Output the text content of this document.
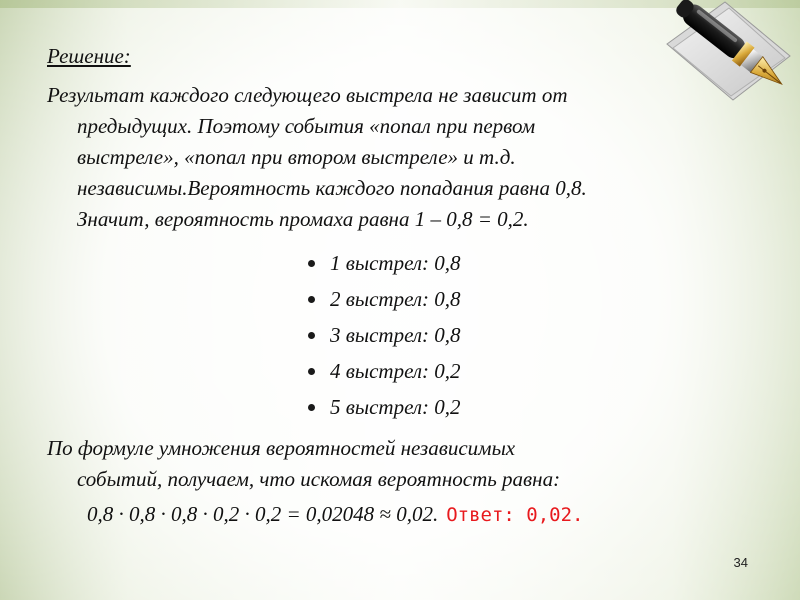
Решение:
Результат каждого следующего выстрела не зависит от
предыдущих. Поэтому события «попал при первом
выстреле», «попал при втором выстреле» и т.д.
независимы.Вероятность каждого попадания равна 0,8.
Значит, вероятность промаха равна 1 – 0,8 = 0,2.
1 выстрел: 0,8
2 выстрел: 0,8
3 выстрел: 0,8
4 выстрел: 0,2
5 выстрел: 0,2
По формуле умножения вероятностей независимых
событий, получаем, что искомая вероятность равна:
0,8 · 0,8 · 0,8 · 0,2 · 0,2 = 0,02048 ≈ 0,02. Ответ: 0,02.
34
